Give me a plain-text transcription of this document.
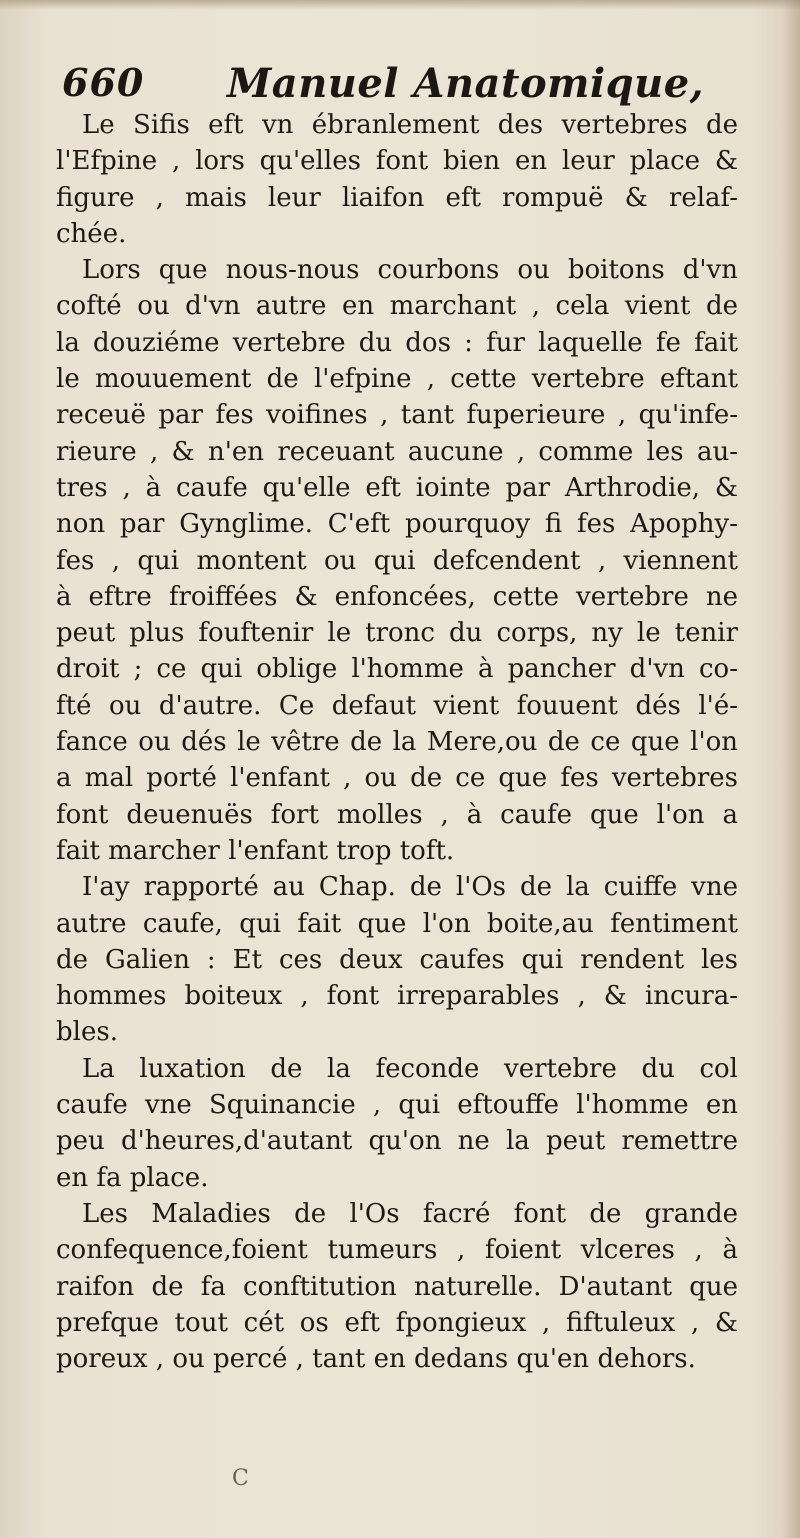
660 Manuel Anatomique,
Le Sifis eft vn ébranlement des vertebres de
l'Efpine , lors qu'elles font bien en leur place &
figure , mais leur liaifon eft rompuë & relaf-
chée.
Lors que nous-nous courbons ou boitons d'vn
cofté ou d'vn autre en marchant , cela vient de
la douziéme vertebre du dos : fur laquelle fe fait
le mouuement de l'efpine , cette vertebre eftant
receuë par fes voifines , tant fuperieure , qu'infe-
rieure , & n'en receuant aucune , comme les au-
tres , à caufe qu'elle eft iointe par Arthrodie, &
non par Gynglime. C'eft pourquoy fi fes Apophy-
fes , qui montent ou qui defcendent , viennent
à eftre froiffées & enfoncées, cette vertebre ne
peut plus fouftenir le tronc du corps, ny le tenir
droit ; ce qui oblige l'homme à pancher d'vn co-
fté ou d'autre. Ce defaut vient fouuent dés l'é-
fance ou dés le vêtre de la Mere,ou de ce que l'on
a mal porté l'enfant , ou de ce que fes vertebres
font deuenuës fort molles , à caufe que l'on a
fait marcher l'enfant trop toft.
I'ay rapporté au Chap. de l'Os de la cuiffe vne
autre caufe, qui fait que l'on boite,au fentiment
de Galien : Et ces deux caufes qui rendent les
hommes boiteux , font irreparables , & incura-
bles.
La luxation de la feconde vertebre du col
caufe vne Squinancie , qui eftouffe l'homme en
peu d'heures,d'autant qu'on ne la peut remettre
en fa place.
Les Maladies de l'Os facré font de grande
confequence,foient tumeurs , foient vlceres , à
raifon de fa conftitution naturelle. D'autant que
prefque tout cét os eft fpongieux , fiftuleux , &
poreux , ou percé , tant en dedans qu'en dehors.
C
